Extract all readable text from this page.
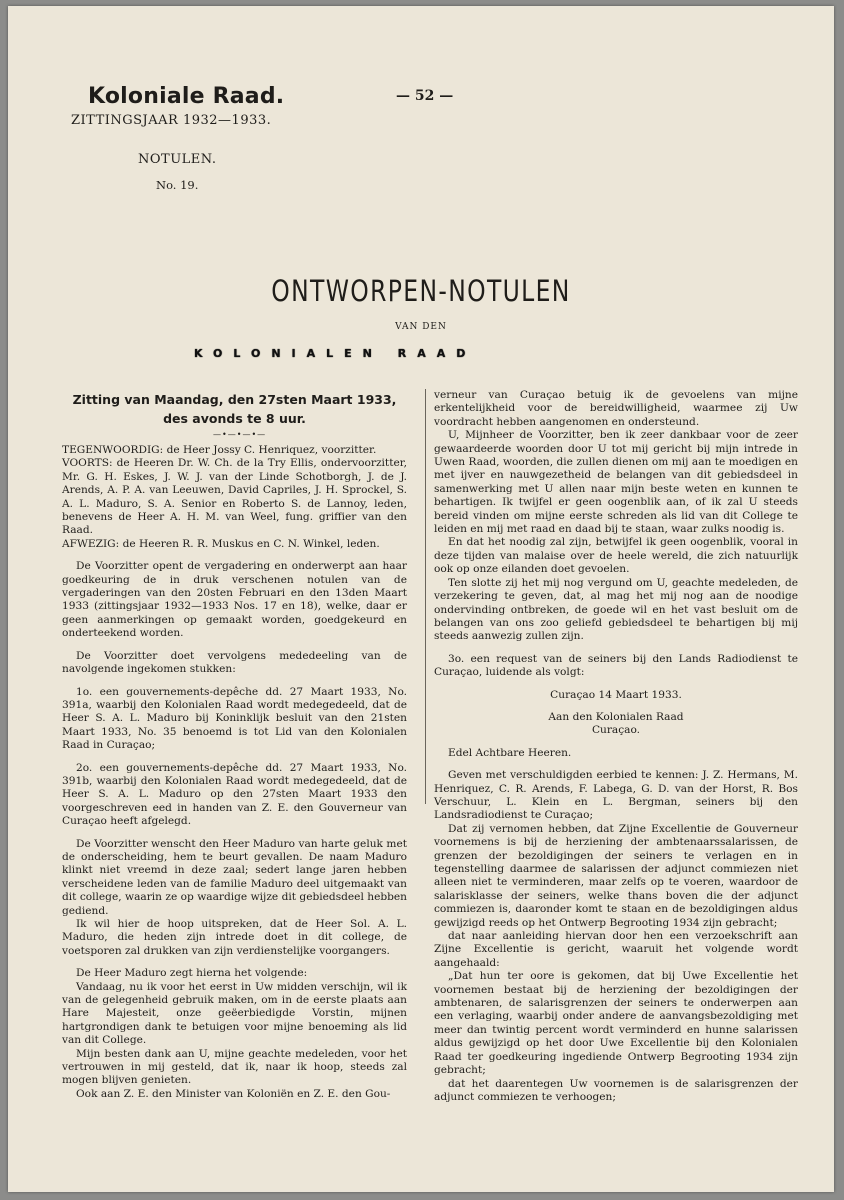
Koloniale Raad.
ZITTINGSJAAR 1932—1933.
— 52 —
NOTULEN.
No. 19.
ONTWORPEN-NOTULEN
VAN DEN
KOLONIALEN RAAD
Zitting van Maandag, den 27sten Maart 1933,
des avonds te 8 uur.
—•—•—•—

TEGENWOORDIG: de Heer Jossy C. Henriquez, voorzitter.

VOORTS: de Heeren Dr. W. Ch. de la Try Ellis, ondervoorzitter, Mr. G. H. Eskes, J. W. J. van der Linde Schotborgh, J. de J. Arends, A. P. A. van Leeuwen, David Capriles, J. H. Sprockel, S. A. L. Maduro, S. A. Senior en Roberto S. de Lannoy, leden, benevens de Heer A. H. M. van Weel, fung. griffier van den Raad.

AFWEZIG: de Heeren R. R. Muskus en C. N. Winkel, leden.

De Voorzitter opent de vergadering en onderwerpt aan haar goedkeuring de in druk verschenen notulen van de vergaderingen van den 20sten Februari en den 13den Maart 1933 (zittingsjaar 1932—1933 Nos. 17 en 18), welke, daar er geen aanmerkingen op gemaakt worden, goedgekeurd en onderteekend worden.

De Voorzitter doet vervolgens mededeeling van de navolgende ingekomen stukken:

1o. een gouvernements-depêche dd. 27 Maart 1933, No. 391a, waarbij den Kolonialen Raad wordt medegedeeld, dat de Heer S. A. L. Maduro bij Koninklijk besluit van den 21sten Maart 1933, No. 35 benoemd is tot Lid van den Kolonialen Raad in Curaçao;

2o. een gouvernements-depêche dd. 27 Maart 1933, No. 391b, waarbij den Kolonialen Raad wordt medegedeeld, dat de Heer S. A. L. Maduro op den 27sten Maart 1933 den voorgeschreven eed in handen van Z. E. den Gouverneur van Curaçao heeft afgelegd.

De Voorzitter wenscht den Heer Maduro van harte geluk met de onderscheiding, hem te beurt gevallen. De naam Maduro klinkt niet vreemd in deze zaal; sedert lange jaren hebben verscheidene leden van de familie Maduro deel uitgemaakt van dit college, waarin ze op waardige wijze dit gebiedsdeel hebben gediend.

Ik wil hier de hoop uitspreken, dat de Heer Sol. A. L. Maduro, die heden zijn intrede doet in dit college, de voetsporen zal drukken van zijn verdienstelijke voorgangers.

De Heer Maduro zegt hierna het volgende:

Vandaag, nu ik voor het eerst in Uw midden verschijn, wil ik van de gelegenheid gebruik maken, om in de eerste plaats aan Hare Majesteit, onze geëerbiedigde Vorstin, mijnen hartgrondigen dank te betuigen voor mijne benoeming als lid van dit College.

Mijn besten dank aan U, mijne geachte medeleden, voor het vertrouwen in mij gesteld, dat ik, naar ik hoop, steeds zal mogen blijven genieten.

Ook aan Z. E. den Minister van Koloniën en Z. E. den Gou-

verneur van Curaçao betuig ik de gevoelens van mijne erkentelijkheid voor de bereidwilligheid, waarmee zij Uw voordracht hebben aangenomen en ondersteund.

U, Mijnheer de Voorzitter, ben ik zeer dankbaar voor de zeer gewaardeerde woorden door U tot mij gericht bij mijn intrede in Uwen Raad, woorden, die zullen dienen om mij aan te moedigen en met ijver en nauwgezetheid de belangen van dit gebiedsdeel in samenwerking met U allen naar mijn beste weten en kunnen te behartigen. Ik twijfel er geen oogenblik aan, of ik zal U steeds bereid vinden om mijne eerste schreden als lid van dit College te leiden en mij met raad en daad bij te staan, waar zulks noodig is.

En dat het noodig zal zijn, betwijfel ik geen oogenblik, vooral in deze tijden van malaise over de heele wereld, die zich natuurlijk ook op onze eilanden doet gevoelen.

Ten slotte zij het mij nog vergund om U, geachte medeleden, de verzekering te geven, dat, al mag het mij nog aan de noodige ondervinding ontbreken, de goede wil en het vast besluit om de belangen van ons zoo geliefd gebiedsdeel te behartigen bij mij steeds aanwezig zullen zijn.

3o. een request van de seiners bij den Lands Radiodienst te Curaçao, luidende als volgt:

Curaçao 14 Maart 1933.

Aan den Kolonialen Raad

Curaçao.

Edel Achtbare Heeren.

Geven met verschuldigden eerbied te kennen: J. Z. Hermans, M. Henriquez, C. R. Arends, F. Labega, G. D. van der Horst, R. Bos Verschuur, L. Klein en L. Bergman, seiners bij den Landsradiodienst te Curaçao;

Dat zij vernomen hebben, dat Zijne Excellentie de Gouverneur voornemens is bij de herziening der ambtenaarssalarissen, de grenzen der bezoldigingen der seiners te verlagen en in tegenstelling daarmee de salarissen der adjunct commiezen niet alleen niet te verminderen, maar zelfs op te voeren, waardoor de salarisklasse der seiners, welke thans boven die der adjunct commiezen is, daaronder komt te staan en de bezoldigingen aldus gewijzigd reeds op het Ontwerp Begrooting 1934 zijn gebracht;

dat naar aanleiding hiervan door hen een verzoekschrift aan Zijne Excellentie is gericht, waaruit het volgende wordt aangehaald:

„Dat hun ter oore is gekomen, dat bij Uwe Excellentie het voornemen bestaat bij de herziening der bezoldigingen der ambtenaren, de salarisgrenzen der seiners te onderwerpen aan een verlaging, waarbij onder andere de aanvangsbezoldiging met meer dan twintig percent wordt verminderd en hunne salarissen aldus gewijzigd op het door Uwe Excellentie bij den Kolonialen Raad ter goedkeuring ingediende Ontwerp Begrooting 1934 zijn gebracht;

dat het daarentegen Uw voornemen is de salarisgrenzen der adjunct commiezen te verhoogen;
